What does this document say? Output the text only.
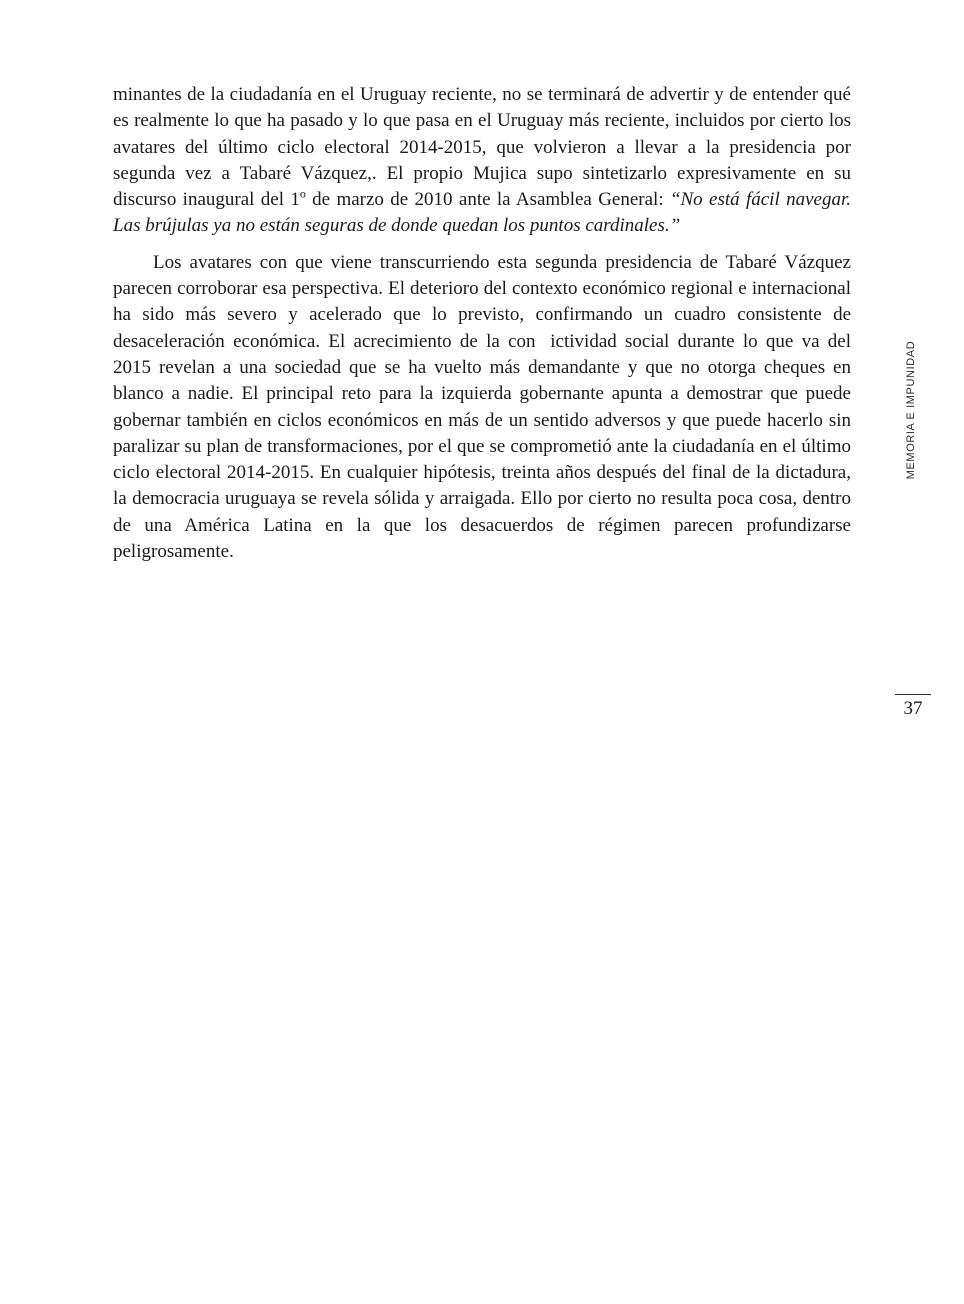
minantes de la ciudadanía en el Uruguay reciente, no se terminará de advertir y de entender qué es realmente lo que ha pasado y lo que pasa en el Uruguay más reciente, incluidos por cierto los avatares del último ciclo electoral 2014-2015, que volvieron a llevar a la presidencia por segunda vez a Tabaré Vázquez,. El propio Mujica supo sintetizarlo expresivamente en su discurso inaugural del 1$^o$ de marzo de 2010 ante la Asamblea General: “No está fácil navegar. Las brújulas ya no están seguras de donde quedan los puntos cardinales.”

Los avatares con que viene transcurriendo esta segunda presidencia de Tabaré Vázquez parecen corroborar esa perspectiva. El deterioro del contexto económico regional e internacional ha sido más severo y acelerado que lo previsto, confirmando un cuadro consistente de desaceleración económica. El acrecimiento de la con ictividad social durante lo que va del 2015 revelan a una sociedad que se ha vuelto más demandante y que no otorga cheques en blanco a nadie. El principal reto para la izquierda gobernante apunta a demostrar que puede gobernar también en ciclos económicos en más de un sentido adversos y que puede hacerlo sin paralizar su plan de transformaciones, por el que se comprometió ante la ciudadanía en el último ciclo electoral 2014-2015. En cualquier hipótesis, treinta años después del final de la dictadura, la democracia uruguaya se revela sólida y arraigada. Ello por cierto no resulta poca cosa, dentro de una América Latina en la que los desacuerdos de régimen parecen profundizarse peligrosamente.

MEMORIA E IMPUNIDAD
37
